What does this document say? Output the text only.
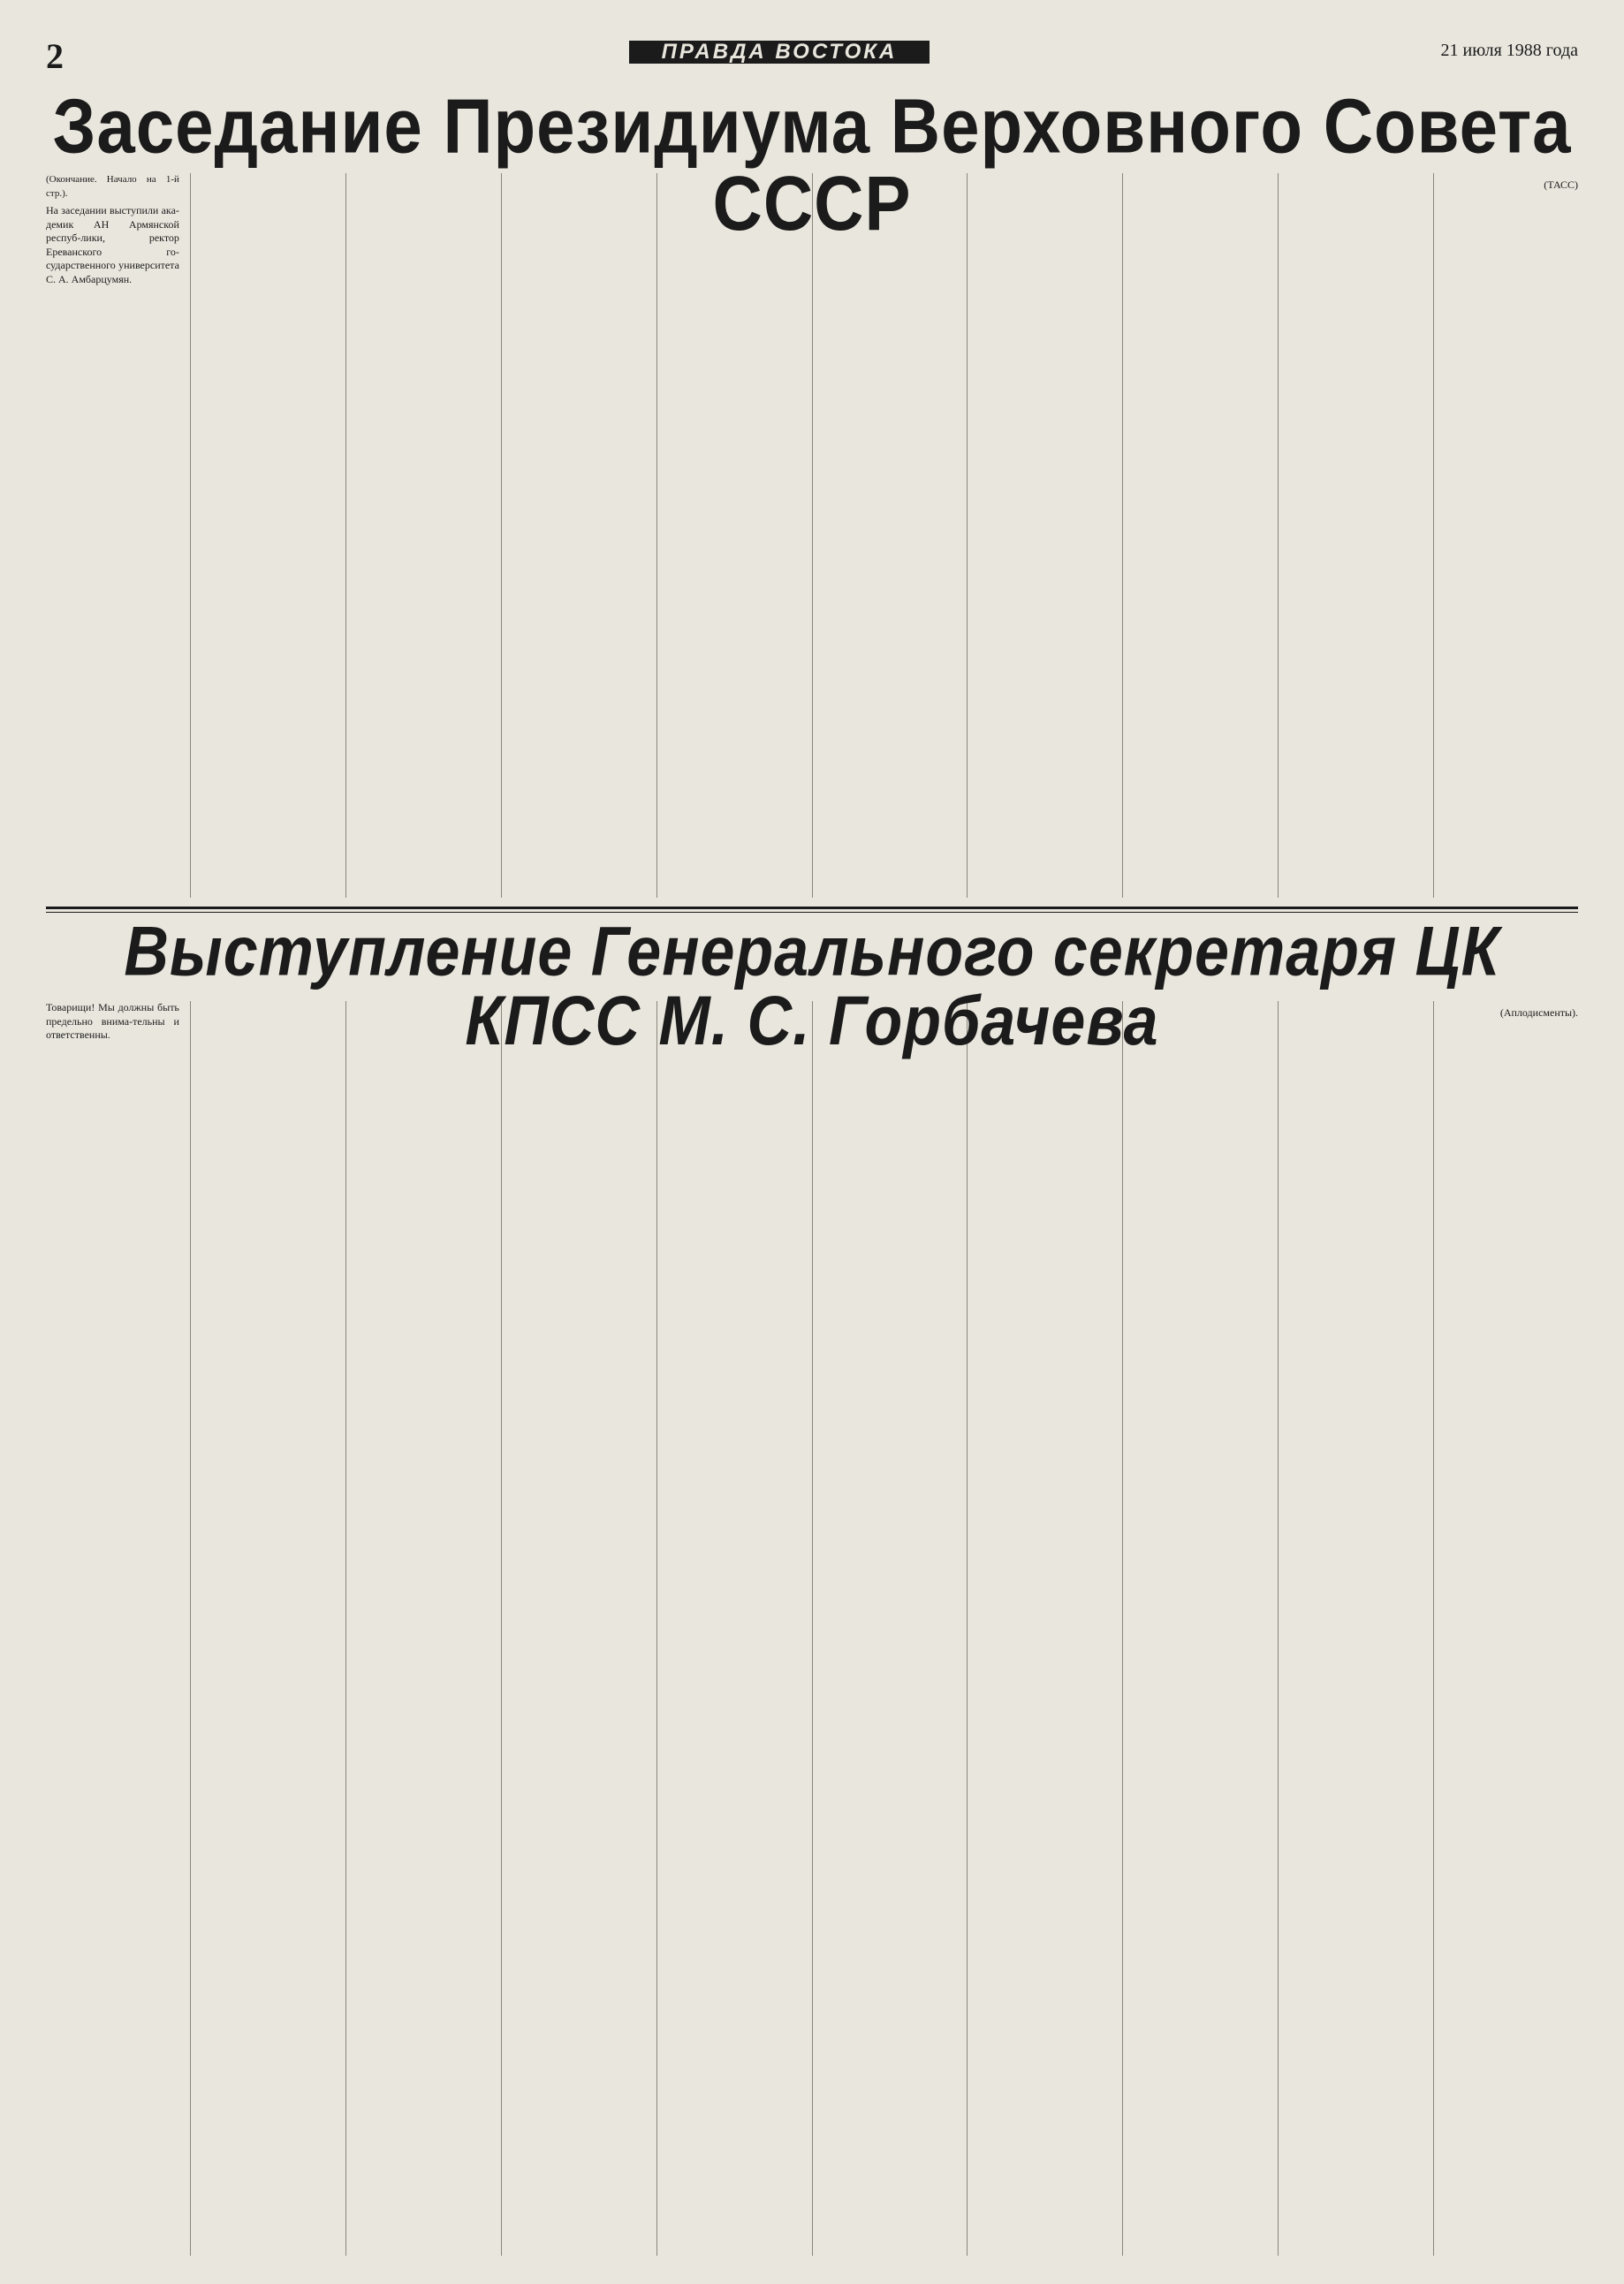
2	ПРАВДА ВОСТОКА	21 июля 1988 года
Заседание Президиума Верховного Совета СССР
(Окончание. Начало на 1-й стр.).
На заседании выступили ака-демик АН Армянской респуб-лики, ректор Ереванского го-сударственного университета С. А. Амбарцумян.
(ТАСС)
Выступление Генерального секретаря ЦК КПСС М. С. Горбачева
Товарищи! Мы должны быть предельно внима-тельны и ответственны.
(Аплодисменты).
